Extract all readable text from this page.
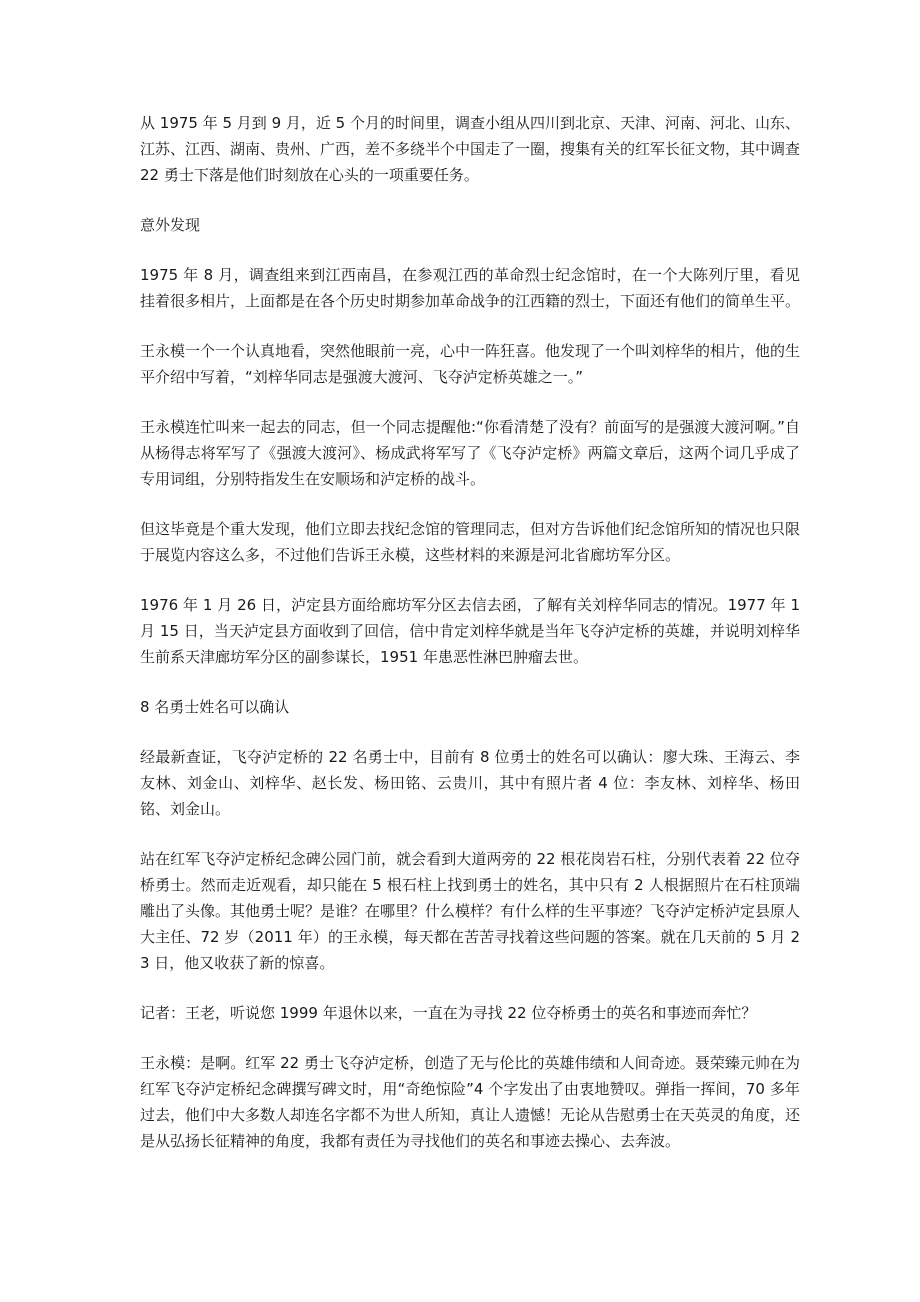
从 1975 年 5 月到 9 月，近 5 个月的时间里，调查小组从四川到北京、天津、河南、河北、山东、江苏、江西、湖南、贵州、广西，差不多绕半个中国走了一圈，搜集有关的红军长征文物，其中调查 22 勇士下落是他们时刻放在心头的一项重要任务。

意外发现

1975 年 8 月，调查组来到江西南昌，在参观江西的革命烈士纪念馆时，在一个大陈列厅里，看见挂着很多相片，上面都是在各个历史时期参加革命战争的江西籍的烈士，下面还有他们的简单生平。

王永模一个一个认真地看，突然他眼前一亮，心中一阵狂喜。他发现了一个叫刘梓华的相片，他的生平介绍中写着，“刘梓华同志是强渡大渡河、飞夺泸定桥英雄之一。”

王永模连忙叫来一起去的同志，但一个同志提醒他:“你看清楚了没有？前面写的是强渡大渡河啊。”自从杨得志将军写了《强渡大渡河》、杨成武将军写了《飞夺泸定桥》两篇文章后，这两个词几乎成了专用词组，分别特指发生在安顺场和泸定桥的战斗。

但这毕竟是个重大发现，他们立即去找纪念馆的管理同志，但对方告诉他们纪念馆所知的情况也只限于展览内容这么多，不过他们告诉王永模，这些材料的来源是河北省廊坊军分区。

1976 年 1 月 26 日，泸定县方面给廊坊军分区去信去函，了解有关刘梓华同志的情况。1977 年 1 月 15 日，当天泸定县方面收到了回信，信中肯定刘梓华就是当年飞夺泸定桥的英雄，并说明刘梓华生前系天津廊坊军分区的副参谋长，1951 年患恶性淋巴肿瘤去世。

8 名勇士姓名可以确认

经最新查证，飞夺泸定桥的 22 名勇士中，目前有 8 位勇士的姓名可以确认：廖大珠、王海云、李友林、刘金山、刘梓华、赵长发、杨田铭、云贵川，其中有照片者 4 位：李友林、刘梓华、杨田铭、刘金山。

站在红军飞夺泸定桥纪念碑公园门前，就会看到大道两旁的 22 根花岗岩石柱，分别代表着 22 位夺桥勇士。然而走近观看，却只能在 5 根石柱上找到勇士的姓名，其中只有 2 人根据照片在石柱顶端雕出了头像。其他勇士呢？是谁？在哪里？什么模样？有什么样的生平事迹？飞夺泸定桥泸定县原人大主任、72 岁（2011 年）的王永模，每天都在苦苦寻找着这些问题的答案。就在几天前的 5 月 23 日，他又收获了新的惊喜。

记者：王老，听说您 1999 年退休以来，一直在为寻找 22 位夺桥勇士的英名和事迹而奔忙？

王永模：是啊。红军 22 勇士飞夺泸定桥，创造了无与伦比的英雄伟绩和人间奇迹。聂荣臻元帅在为红军飞夺泸定桥纪念碑撰写碑文时，用“奇绝惊险”4 个字发出了由衷地赞叹。弹指一挥间，70 多年过去，他们中大多数人却连名字都不为世人所知，真让人遗憾！无论从告慰勇士在天英灵的角度，还是从弘扬长征精神的角度，我都有责任为寻找他们的英名和事迹去操心、去奔波。
